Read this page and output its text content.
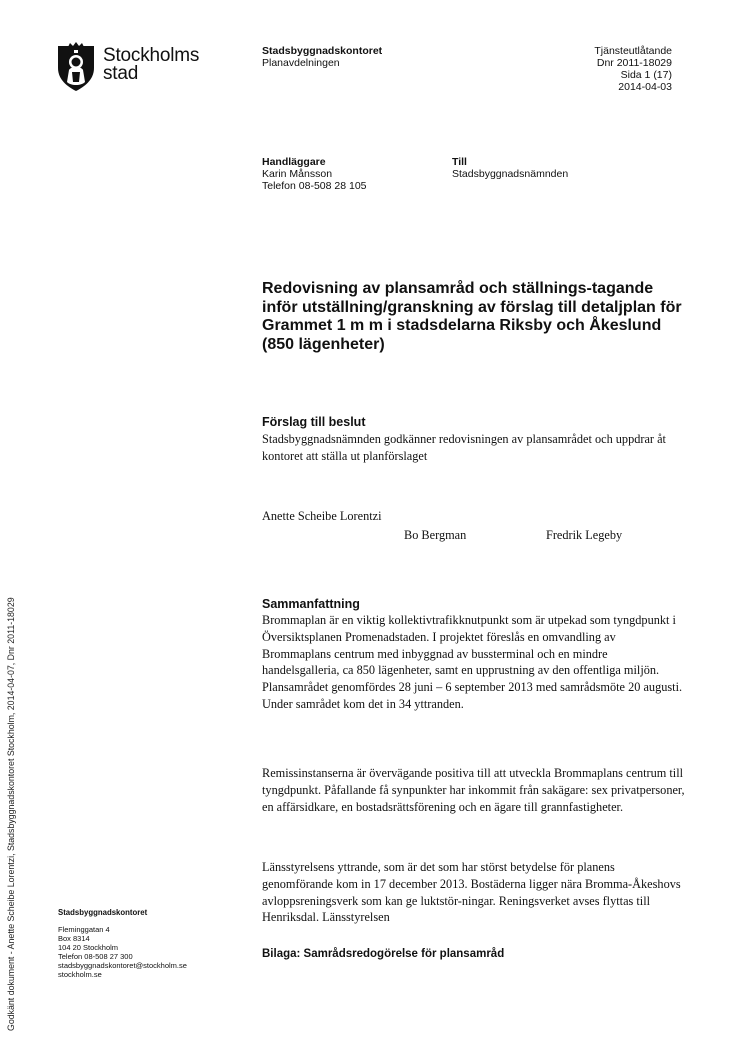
Stockholms
stad
Stadsbyggnadskontoret
Planavdelningen
Tjänsteutlåtande
Dnr 2011-18029
Sida 1 (17)
2014-04-03
Handläggare
Karin Månsson
Telefon 08-508 28 105
Till
Stadsbyggnadsnämnden
Redovisning av plansamråd och ställnings-tagande inför utställning/granskning av förslag till detaljplan för Grammet 1 m m i stadsdelarna Riksby och Åkeslund (850 lägenheter)
Förslag till beslut

Stadsbyggnadsnämnden godkänner redovisningen av plansamrådet och uppdrar åt kontoret att ställa ut planförslaget

Anette Scheibe Lorentzi
Bo Bergman	Fredrik Legeby
Sammanfattning

Brommaplan är en viktig kollektivtrafikknutpunkt som är utpekad som tyngdpunkt i Översiktsplanen Promenadstaden. I projektet föreslås en omvandling av Brommaplans centrum med inbyggnad av bussterminal och en mindre handelsgalleria, ca 850 lägenheter, samt en upprustning av den offentliga miljön. Plansamrådet genomfördes 28 juni – 6 september 2013 med samrådsmöte 20 augusti. Under samrådet kom det in 34 yttranden.

Remissinstanserna är övervägande positiva till att utveckla Brommaplans centrum till tyngdpunkt. Påfallande få synpunkter har inkommit från sakägare: sex privatpersoner, en affärsidkare, en bostadsrättsförening och en ägare till grannfastigheter.

Länsstyrelsens yttrande, som är det som har störst betydelse för planens genomförande kom in 17 december 2013. Bostäderna ligger nära Bromma-Åkeshovs avloppsreningsverk som kan ge luktstör-ningar. Reningsverket avses flyttas till Henriksdal. Länsstyrelsen

Bilaga: Samrådsredogörelse för plansamråd
Stadsbyggnadskontoret
Fleminggatan 4
Box 8314
104 20 Stockholm
Telefon 08-508 27 300
stadsbyggnadskontoret@stockholm.se
stockholm.se
Godkänt dokument - Anette Scheibe Lorentzi, Stadsbyggnadskontoret Stockholm, 2014-04-07, Dnr 2011-18029
